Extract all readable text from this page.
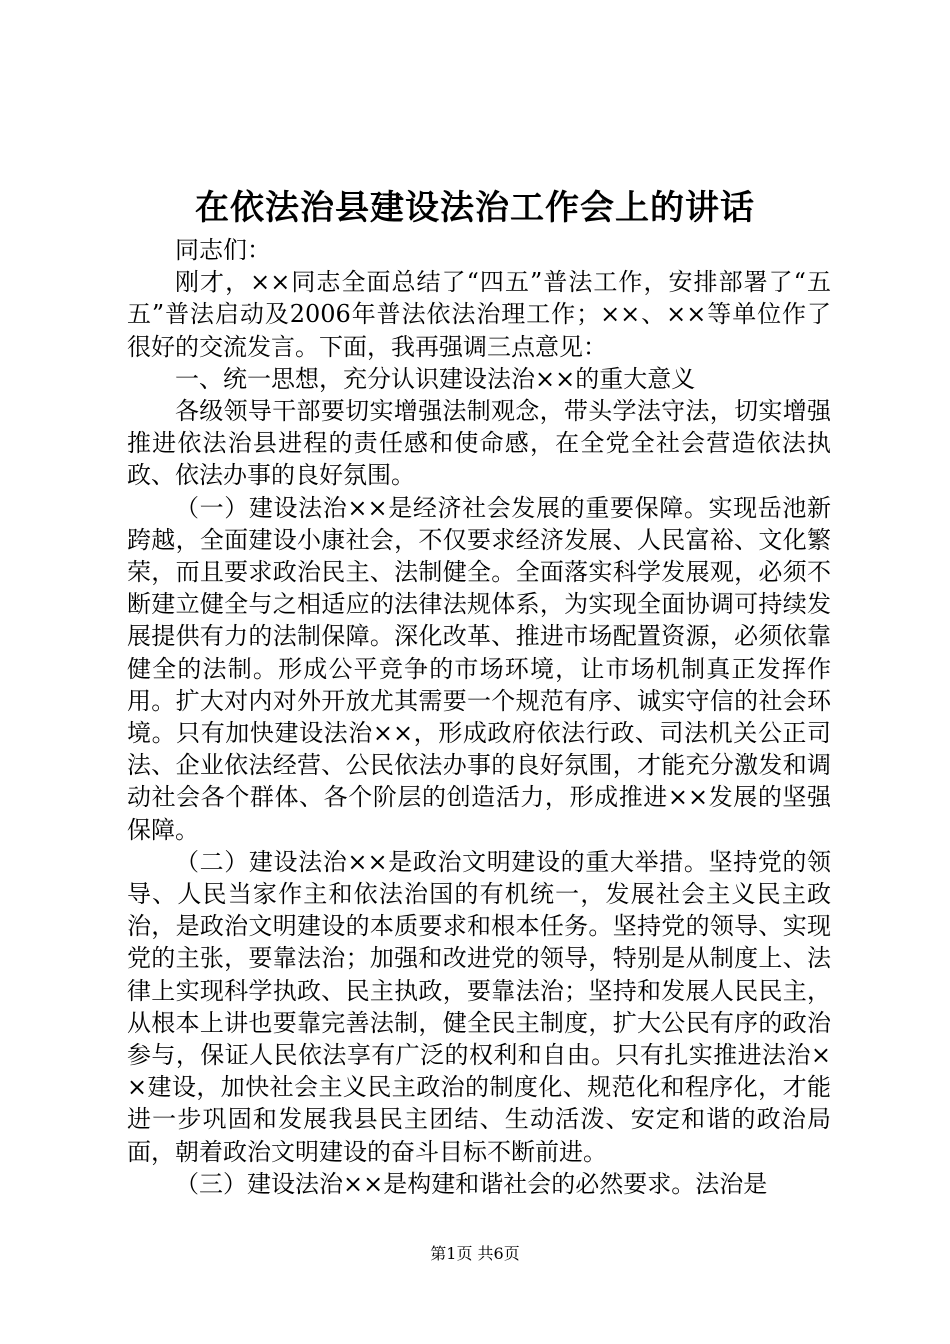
在依法治县建设法治工作会上的讲话

同志们：

刚才，××同志全面总结了“四五”普法工作，安排部署了“五五”普法启动及2006年普法依法治理工作；××、××等单位作了很好的交流发言。下面，我再强调三点意见：

一、统一思想，充分认识建设法治××的重大意义

各级领导干部要切实增强法制观念，带头学法守法，切实增强推进依法治县进程的责任感和使命感，在全党全社会营造依法执政、依法办事的良好氛围。

（一）建设法治××是经济社会发展的重要保障。实现岳池新跨越，全面建设小康社会，不仅要求经济发展、人民富裕、文化繁荣，而且要求政治民主、法制健全。全面落实科学发展观，必须不断建立健全与之相适应的法律法规体系，为实现全面协调可持续发展提供有力的法制保障。深化改革、推进市场配置资源，必须依靠健全的法制。形成公平竞争的市场环境，让市场机制真正发挥作用。扩大对内对外开放尤其需要一个规范有序、诚实守信的社会环境。只有加快建设法治××，形成政府依法行政、司法机关公正司法、企业依法经营、公民依法办事的良好氛围，才能充分激发和调动社会各个群体、各个阶层的创造活力，形成推进××发展的坚强保障。

（二）建设法治××是政治文明建设的重大举措。坚持党的领导、人民当家作主和依法治国的有机统一，发展社会主义民主政治，是政治文明建设的本质要求和根本任务。坚持党的领导、实现党的主张，要靠法治；加强和改进党的领导，特别是从制度上、法律上实现科学执政、民主执政，要靠法治；坚持和发展人民民主，从根本上讲也要靠完善法制，健全民主制度，扩大公民有序的政治参与，保证人民依法享有广泛的权利和自由。只有扎实推进法治××建设，加快社会主义民主政治的制度化、规范化和程序化，才能进一步巩固和发展我县民主团结、生动活泼、安定和谐的政治局面，朝着政治文明建设的奋斗目标不断前进。

（三）建设法治××是构建和谐社会的必然要求。法治是

第1页 共6页
